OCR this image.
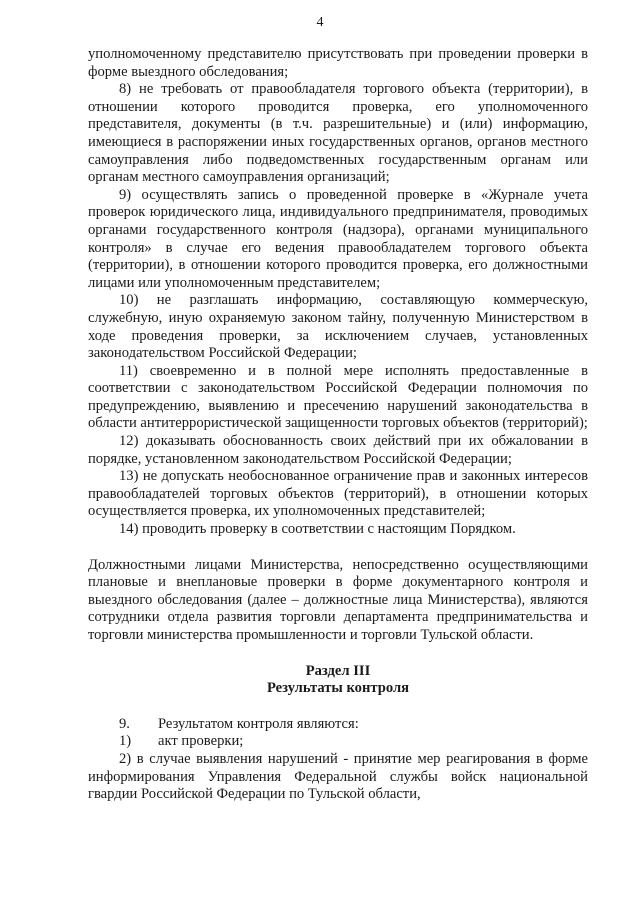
4

уполномоченному представителю присутствовать при проведении проверки в форме выездного обследования;

8) не требовать от правообладателя торгового объекта (территории), в отношении которого проводится проверка, его уполномоченного представителя, документы (в т.ч. разрешительные) и (или) информацию, имеющиеся в распоряжении иных государственных органов, органов местного самоуправления либо подведомственных государственным органам или органам местного самоуправления организаций;

9) осуществлять запись о проведенной проверке в «Журнале учета проверок юридического лица, индивидуального предпринимателя, проводимых органами государственного контроля (надзора), органами муниципального контроля» в случае его ведения правообладателем торгового объекта (территории), в отношении которого проводится проверка, его должностными лицами или уполномоченным представителем;

10) не разглашать информацию, составляющую коммерческую, служебную, иную охраняемую законом тайну, полученную Министерством в ходе проведения проверки, за исключением случаев, установленных законодательством Российской Федерации;

11) своевременно и в полной мере исполнять предоставленные в соответствии с законодательством Российской Федерации полномочия по предупреждению, выявлению и пресечению нарушений законодательства в области антитеррористической защищенности торговых объектов (территорий);

12) доказывать обоснованность своих действий при их обжаловании в порядке, установленном законодательством Российской Федерации;

13) не допускать необоснованное ограничение прав и законных интересов правообладателей торговых объектов (территорий), в отношении которых осуществляется проверка, их уполномоченных представителей;

14) проводить проверку в соответствии с настоящим Порядком.

Должностными лицами Министерства, непосредственно осуществляющими плановые и внеплановые проверки в форме документарного контроля и выездного обследования (далее – должностные лица Министерства), являются сотрудники отдела развития торговли департамента предпринимательства и торговли министерства промышленности и торговли Тульской области.

Раздел III

Результаты контроля

9.	Результатом контроля являются:
1)	акт проверки;

2) в случае выявления нарушений - принятие мер реагирования в форме информирования Управления Федеральной службы войск национальной гвардии Российской Федерации по Тульской области,
